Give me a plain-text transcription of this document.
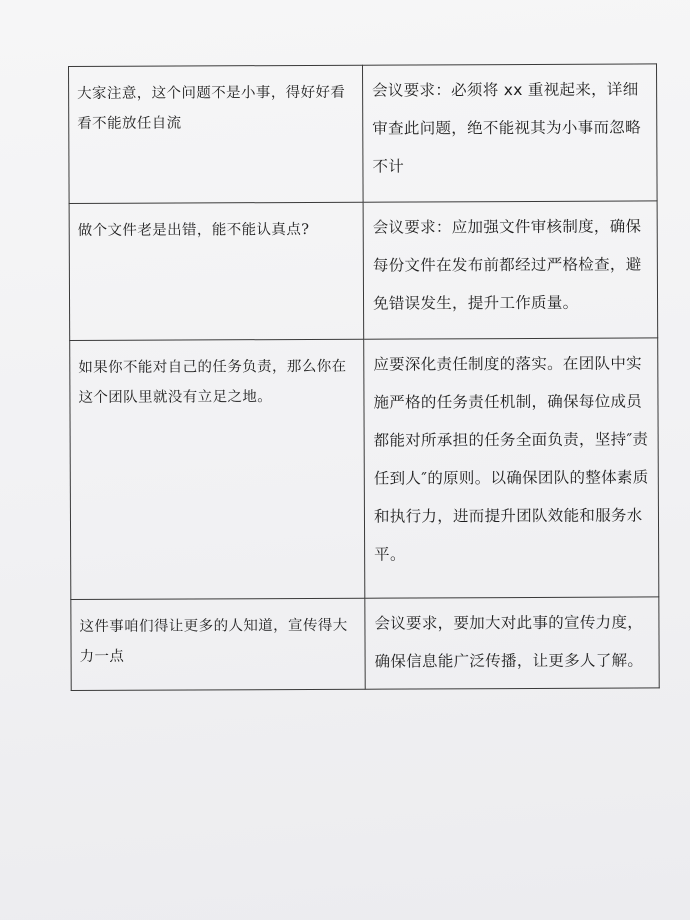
大家注意，这个问题不是小事，得好好看看不能放任自流	会议要求：必须将 xx 重视起来，详细审查此问题，绝不能视其为小事而忽略不计
做个文件老是出错，能不能认真点?	会议要求：应加强文件审核制度，确保每份文件在发布前都经过严格检查，避免错误发生，提升工作质量。
如果你不能对自己的任务负责，那么你在这个团队里就没有立足之地。	应要深化责任制度的落实。在团队中实施严格的任务责任机制，确保每位成员都能对所承担的任务全面负责，坚持″责任到人″的原则。以确保团队的整体素质和执行力，进而提升团队效能和服务水平。
这件事咱们得让更多的人知道，宣传得大力一点	会议要求，要加大对此事的宣传力度，确保信息能广泛传播，让更多人了解。
